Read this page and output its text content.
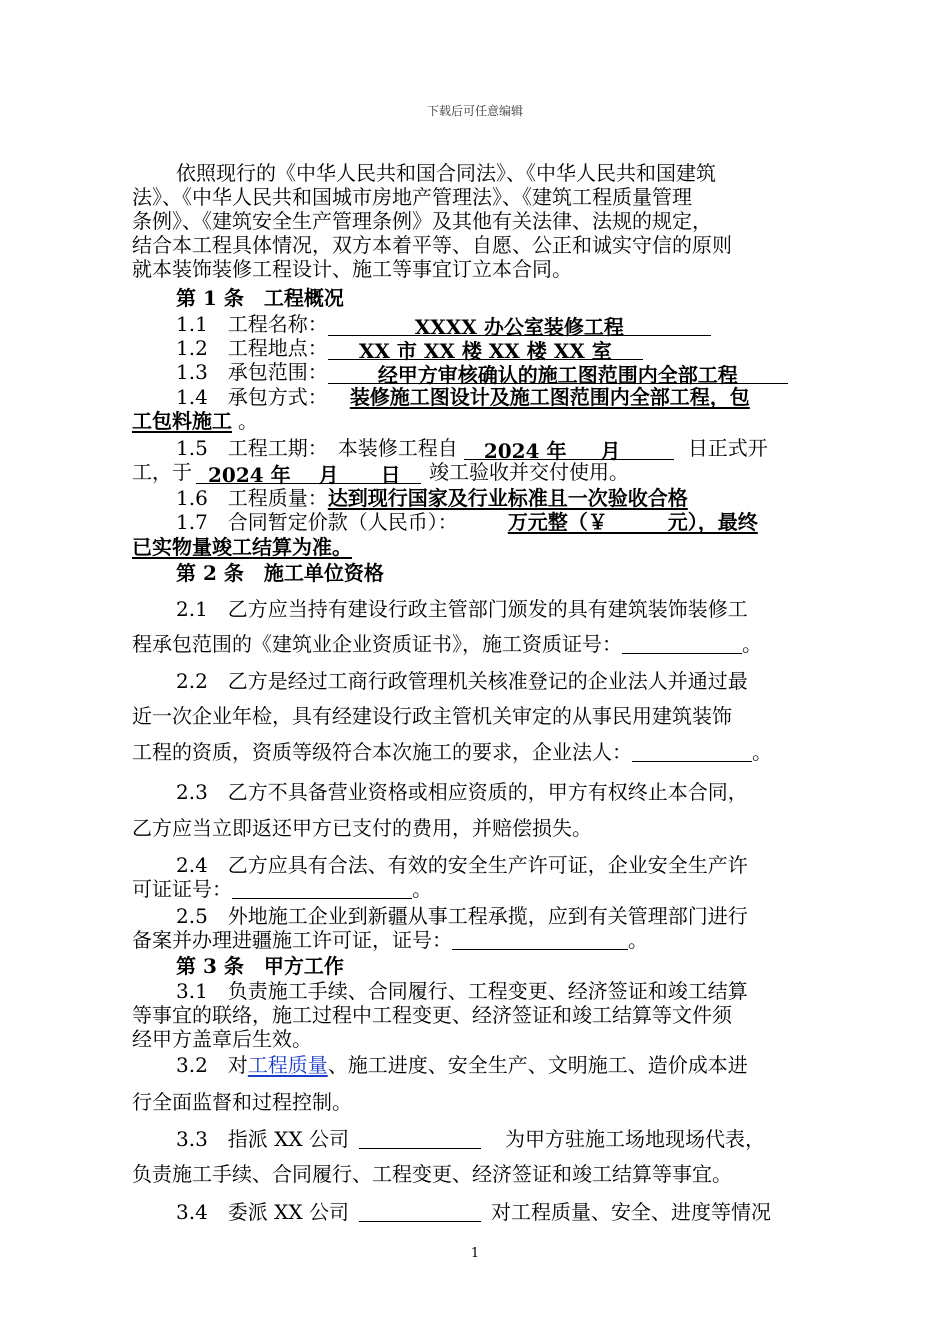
下载后可任意编辑
依照现行的《中华人民共和国合同法》、《中华人民共和国建筑
法》、《中华人民共和国城市房地产管理法》、《建筑工程质量管理
条例》、《建筑安全生产管理条例》及其他有关法律、法规的规定，
结合本工程具体情况，双方本着平等、自愿、公正和诚实守信的原则
就本装饰装修工程设计、施工等事宜订立本合同。
第 1 条　工程概况
1.1　工程名称：	XXXX 办公室装修工程
1.2　工程地点： XX 市 XX 楼 XX 楼 XX 室
1.3　承包范围：	经甲方审核确认的施工图范围内全部工程
1.4　承包方式： 装修施工图设计及施工图范围内全部工程，包
工包料施工 。
1.5　工程工期：　本装修工程自 2024 年 月	日正式开
工，于 2024 年 月 日 竣工验收并交付使用。
1.6　工程质量：达到现行国家及行业标准且一次验收合格
1.7　合同暂定价款（人民币）：	万元整（￥　　　元），最终
已实物量竣工结算为准。
第 2 条　施工单位资格
2.1　乙方应当持有建设行政主管部门颁发的具有建筑装饰装修工
程承包范围的《建筑业企业资质证书》，施工资质证号：	。
2.2　乙方是经过工商行政管理机关核准登记的企业法人并通过最
近一次企业年检，具有经建设行政主管机关审定的从事民用建筑装饰
工程的资质，资质等级符合本次施工的要求，企业法人：	。
2.3　乙方不具备营业资格或相应资质的，甲方有权终止本合同，
乙方应当立即返还甲方已支付的费用，并赔偿损失。
2.4　乙方应具有合法、有效的安全生产许可证，企业安全生产许
可证证号：	。
2.5　外地施工企业到新疆从事工程承揽，应到有关管理部门进行
备案并办理进疆施工许可证，证号：	。
第 3 条　甲方工作
3.1　负责施工手续、合同履行、工程变更、经济签证和竣工结算
等事宜的联络，施工过程中工程变更、经济签证和竣工结算等文件须
经甲方盖章后生效。
3.2　对工程质量、施工进度、安全生产、文明施工、造价成本进
行全面监督和过程控制。
3.3　指派 XX 公司	为甲方驻施工场地现场代表，
负责施工手续、合同履行、工程变更、经济签证和竣工结算等事宜。
3.4　委派 XX 公司	对工程质量、安全、进度等情况
1
